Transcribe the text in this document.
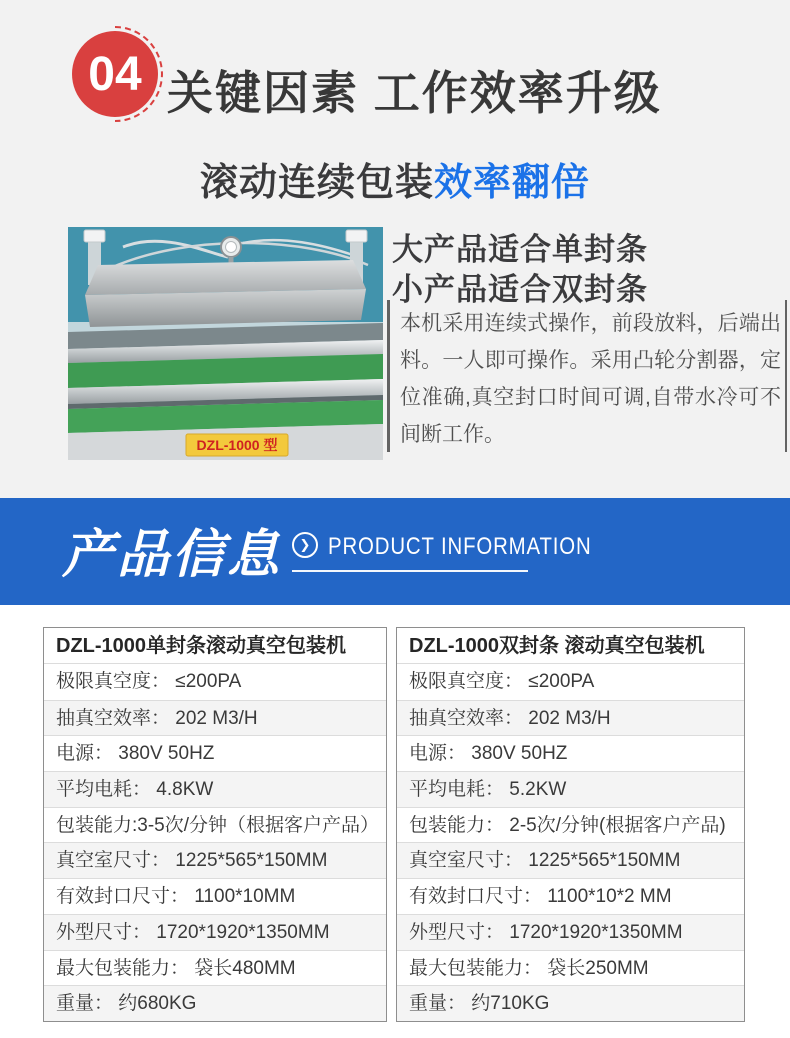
04 关键因素 工作效率升级
滚动连续包装效率翻倍
DZL-1000 型
大产品适合单封条
小产品适合双封条
本机采用连续式操作，前段放料，后端出料。一人即可操作。采用凸轮分割器，定位准确,真空封口时间可调,自带水冷可不间断工作。
产品信息	❯ PRODUCT INFORMATION
DZL-1000单封条滚动真空包装机
极限真空度： ≤200PA
抽真空效率： 202 M3/H
电源： 380V 50HZ
平均电耗： 4.8KW
包装能力:3-5次/分钟（根据客户产品）
真空室尺寸： 1225*565*150MM
有效封口尺寸： 1100*10MM
外型尺寸： 1720*1920*1350MM
最大包装能力： 袋长480MM
重量： 约680KG
DZL-1000双封条 滚动真空包装机
极限真空度： ≤200PA
抽真空效率： 202 M3/H
电源： 380V 50HZ
平均电耗： 5.2KW
包装能力： 2-5次/分钟(根据客户产品)
真空室尺寸： 1225*565*150MM
有效封口尺寸： 1100*10*2 MM
外型尺寸： 1720*1920*1350MM
最大包装能力： 袋长250MM
重量： 约710KG
